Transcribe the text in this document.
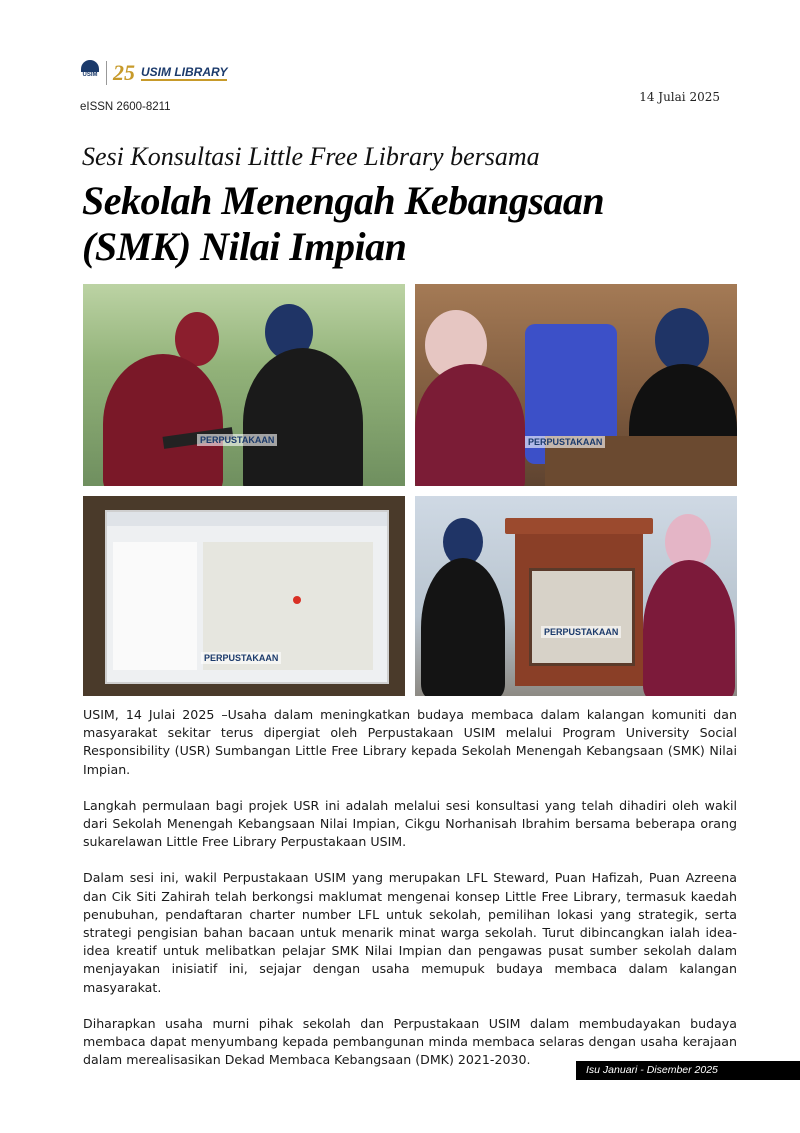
USIM 25 USIM LIBRARY
eISSN 2600-8211
14 Julai 2025
Sesi Konsultasi Little Free Library bersama
Sekolah Menengah Kebangsaan (SMK) Nilai Impian
PERPUSTAKAAN	PERPUSTAKAAN
PERPUSTAKAAN
PERPUSTAKAAN

USIM, 14 Julai 2025 –Usaha dalam meningkatkan budaya membaca dalam kalangan komuniti dan masyarakat sekitar terus dipergiat oleh Perpustakaan USIM melalui Program University Social Responsibility (USR) Sumbangan Little Free Library kepada Sekolah Menengah Kebangsaan (SMK) Nilai Impian.

Langkah permulaan bagi projek USR ini adalah melalui sesi konsultasi yang telah dihadiri oleh wakil dari Sekolah Menengah Kebangsaan Nilai Impian, Cikgu Norhanisah Ibrahim bersama beberapa orang sukarelawan Little Free Library Perpustakaan USIM.

Dalam sesi ini, wakil Perpustakaan USIM yang merupakan LFL Steward, Puan Hafizah, Puan Azreena dan Cik Siti Zahirah telah berkongsi maklumat mengenai konsep Little Free Library, termasuk kaedah penubuhan, pendaftaran charter number LFL untuk sekolah, pemilihan lokasi yang strategik, serta strategi pengisian bahan bacaan untuk menarik minat warga sekolah. Turut dibincangkan ialah idea-idea kreatif untuk melibatkan pelajar SMK Nilai Impian dan pengawas pusat sumber sekolah dalam menjayakan inisiatif ini, sejajar dengan usaha memupuk budaya membaca dalam kalangan masyarakat.

Diharapkan usaha murni pihak sekolah dan Perpustakaan USIM dalam membudayakan budaya membaca dapat menyumbang kepada pembangunan minda membaca selaras dengan usaha kerajaan dalam merealisasikan Dekad Membaca Kebangsaan (DMK) 2021-2030.

Isu Januari - Disember 2025
